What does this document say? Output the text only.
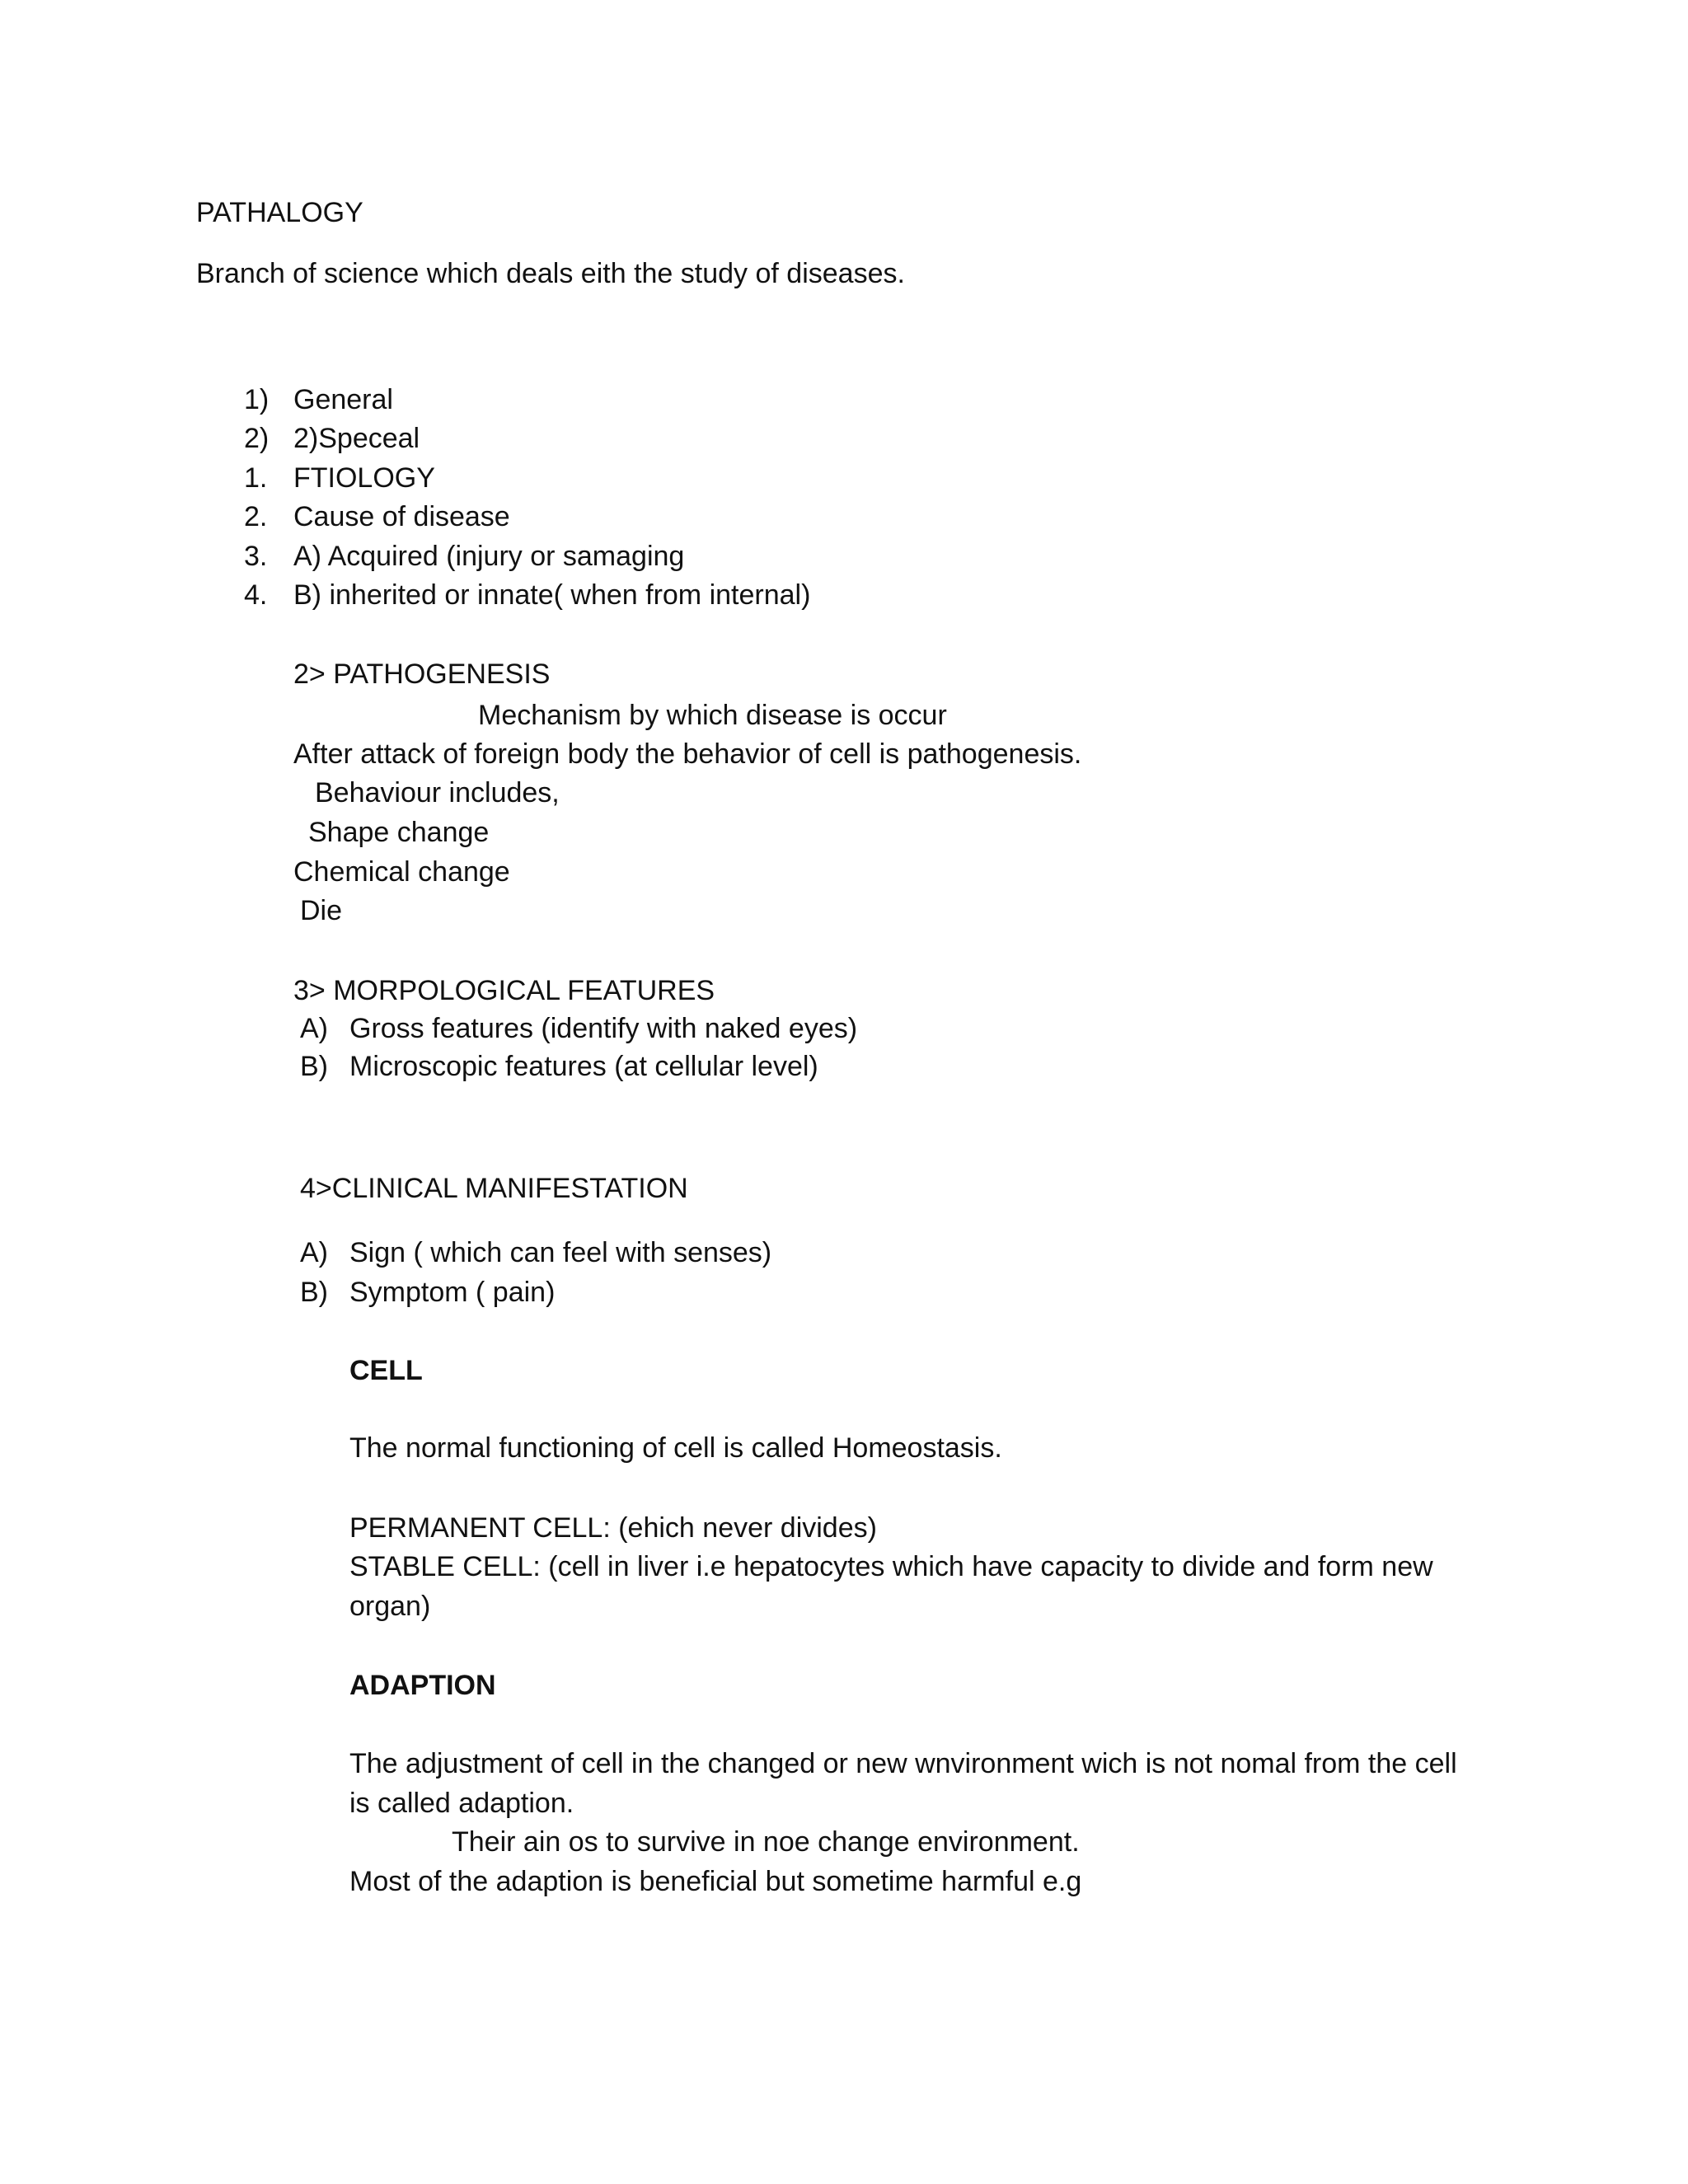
PATHALOGY
Branch of science which deals eith the study of diseases.
1) General
2) 2)Speceal
1. FTIOLOGY
2. Cause of disease
3. A) Acquired (injury or samaging
4. B) inherited or innate( when from internal)
2> PATHOGENESIS
Mechanism by which disease is occur
After attack of foreign body the behavior of cell is pathogenesis.
Behaviour includes,
Shape change
Chemical change
Die
3> MORPOLOGICAL FEATURES
A) Gross features (identify with naked eyes)
B) Microscopic features (at cellular level)
4>CLINICAL MANIFESTATION
A) Sign ( which can feel with senses)
B) Symptom ( pain)
CELL
The normal functioning of cell is called Homeostasis.
PERMANENT CELL: (ehich never divides)
STABLE CELL: (cell in liver i.e hepatocytes which have capacity to divide and form new
organ)
ADAPTION
The adjustment of cell in the changed or new wnvironment wich is not nomal from the cell
is called adaption.
Their ain os to survive in noe change environment.
Most of the adaption is beneficial but sometime harmful e.g
